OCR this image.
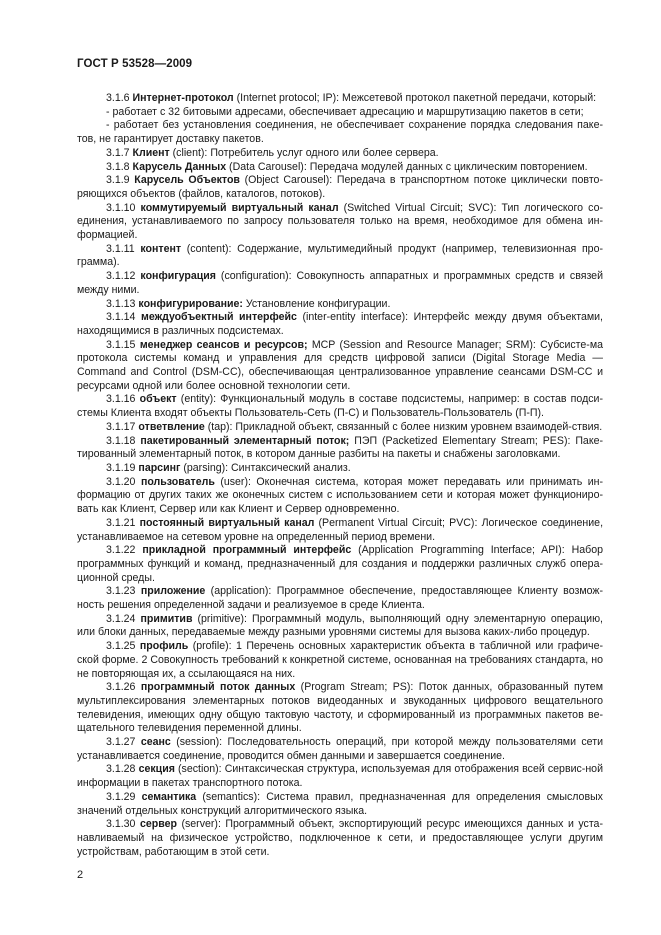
ГОСТ Р 53528—2009

3.1.6 Интернет-протокол (Internet protocol; IP): Межсетевой протокол пакетной передачи, который:

- работает с 32 битовыми адресами, обеспечивает адресацию и маршрутизацию пакетов в сети;

- работает без установления соединения, не обеспечивает сохранение порядка следования паке-тов, не гарантирует доставку пакетов.

3.1.7 Клиент (client): Потребитель услуг одного или более сервера.

3.1.8 Карусель Данных (Data Carousel): Передача модулей данных с циклическим повторением.

3.1.9 Карусель Объектов (Object Carousel): Передача в транспортном потоке циклически повто-ряющихся объектов (файлов, каталогов, потоков).

3.1.10 коммутируемый виртуальный канал (Switched Virtual Circuit; SVC): Тип логического со-единения, устанавливаемого по запросу пользователя только на время, необходимое для обмена ин-формацией.

3.1.11 контент (content): Содержание, мультимедийный продукт (например, телевизионная про-грамма).

3.1.12 конфигурация (configuration): Совокупность аппаратных и программных средств и связей между ними.

3.1.13 конфигурирование: Установление конфигурации.

3.1.14 междуобъектный интерфейс (inter-entity interface): Интерфейс между двумя объектами, находящимися в различных подсистемах.

3.1.15 менеджер сеансов и ресурсов; MCP (Session and Resource Manager; SRM): Субсисте-ма протокола системы команд и управления для средств цифровой записи (Digital Storage Media — Command and Control (DSM-CC), обеспечивающая централизованное управление сеансами DSM-CC и ресурсами одной или более основной технологии сети.

3.1.16 объект (entity): Функциональный модуль в составе подсистемы, например: в состав подси-стемы Клиента входят объекты Пользователь-Сеть (П-С) и Пользователь-Пользователь (П-П).

3.1.17 ответвление (tap): Прикладной объект, связанный с более низким уровнем взаимодей-ствия.

3.1.18 пакетированный элементарный поток; ПЭП (Packetized Elementary Stream; PES): Паке-тированный элементарный поток, в котором данные разбиты на пакеты и снабжены заголовками.

3.1.19 парсинг (parsing): Синтаксический анализ.

3.1.20 пользователь (user): Оконечная система, которая может передавать или принимать ин-формацию от других таких же оконечных систем с использованием сети и которая может функциониро-вать как Клиент, Сервер или как Клиент и Сервер одновременно.

3.1.21 постоянный виртуальный канал (Permanent Virtual Circuit; PVC): Логическое соединение, устанавливаемое на сетевом уровне на определенный период времени.

3.1.22 прикладной программный интерфейс (Application Programming Interface; API): Набор программных функций и команд, предназначенный для создания и поддержки различных служб опера-ционной среды.

3.1.23 приложение (application): Программное обеспечение, предоставляющее Клиенту возмож-ность решения определенной задачи и реализуемое в среде Клиента.

3.1.24 примитив (primitive): Программный модуль, выполняющий одну элементарную операцию, или блоки данных, передаваемые между разными уровнями системы для вызова каких-либо процедур.

3.1.25 профиль (profile): 1 Перечень основных характеристик объекта в табличной или графиче-ской форме. 2 Совокупность требований к конкретной системе, основанная на требованиях стандарта, но не повторяющая их, а ссылающаяся на них.

3.1.26 программный поток данных (Program Stream; PS): Поток данных, образованный путем мультиплексирования элементарных потоков видеоданных и звукоданных цифрового вещательного телевидения, имеющих одну общую тактовую частоту, и сформированный из программных пакетов ве-щательного телевидения переменной длины.

3.1.27 сеанс (session): Последовательность операций, при которой между пользователями сети устанавливается соединение, проводится обмен данными и завершается соединение.

3.1.28 секция (section): Синтаксическая структура, используемая для отображения всей сервис-ной информации в пакетах транспортного потока.

3.1.29 семантика (semantics): Система правил, предназначенная для определения смысловых значений отдельных конструкций алгоритмического языка.

3.1.30 сервер (server): Программный объект, экспортирующий ресурс имеющихся данных и уста-навливаемый на физическое устройство, подключенное к сети, и предоставляющее услуги другим устройствам, работающим в этой сети.

2
